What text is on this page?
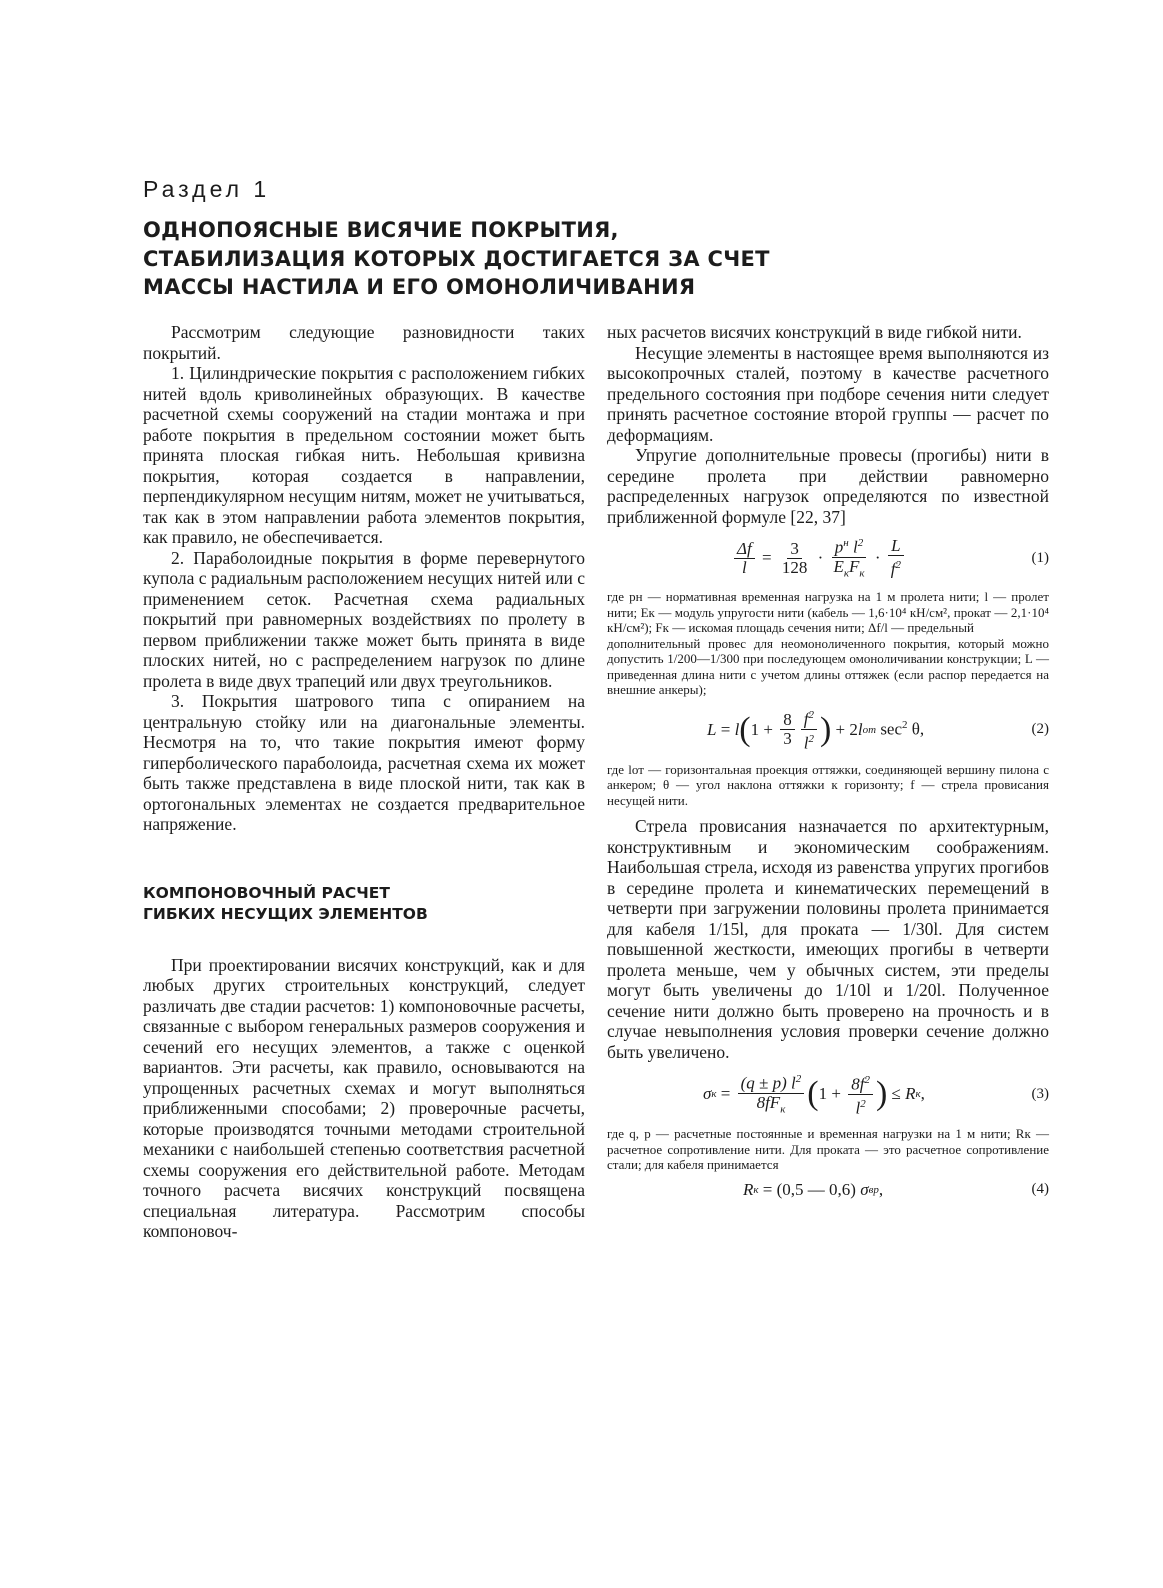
Раздел 1
ОДНОПОЯСНЫЕ ВИСЯЧИЕ ПОКРЫТИЯ,
СТАБИЛИЗАЦИЯ КОТОРЫХ ДОСТИГАЕТСЯ ЗА СЧЕТ
МАССЫ НАСТИЛА И ЕГО ОМОНОЛИЧИВАНИЯ

Рассмотрим следующие разновидности таких покрытий.

1. Цилиндрические покрытия с расположением гибких нитей вдоль криволинейных образующих. В качестве расчетной схемы сооружений на стадии монтажа и при работе покрытия в предельном состоянии может быть принята плоская гибкая нить. Небольшая кривизна покрытия, которая создается в направлении, перпендикулярном несущим нитям, может не учитываться, так как в этом направлении работа элементов покрытия, как правило, не обеспечивается.

2. Параболоидные покрытия в форме перевернутого купола с радиальным расположением несущих нитей или с применением сеток. Расчетная схема радиальных покрытий при равномерных воздействиях по пролету в первом приближении также может быть принята в виде плоских нитей, но с распределением нагрузок по длине пролета в виде двух трапеций или двух треугольников.

3. Покрытия шатрового типа с опиранием на центральную стойку или на диагональные элементы. Несмотря на то, что такие покрытия имеют форму гиперболического параболоида, расчетная схема их может быть также представлена в виде плоской нити, так как в ортогональных элементах не создается предварительное напряжение.

КОМПОНОВОЧНЫЙ РАСЧЕТ
ГИБКИХ НЕСУЩИХ ЭЛЕМЕНТОВ

При проектировании висячих конструкций, как и для любых других строительных конструкций, следует различать две стадии расчетов: 1) компоновочные расчеты, связанные с выбором генеральных размеров сооружения и сечений его несущих элементов, а также с оценкой вариантов. Эти расчеты, как правило, основываются на упрощенных расчетных схемах и могут выполняться приближенными способами; 2) проверочные расчеты, которые производятся точными методами строительной механики с наибольшей степенью соответствия расчетной схемы сооружения его действительной работе. Методам точного расчета висячих конструкций посвящена специальная литература. Рассмотрим способы компоновоч-

ных расчетов висячих конструкций в виде гибкой нити.

Несущие элементы в настоящее время выполняются из высокопрочных сталей, поэтому в качестве расчетного предельного состояния при подборе сечения нити следует принять расчетное состояние второй группы — расчет по деформациям.

Упругие дополнительные провесы (прогибы) нити в середине пролета при действии равномерно распределенных нагрузок определяются по известной приближенной формуле [22, 37]

$\frac{\Delta f}{l} = \frac{3}{128} \cdot \frac{p^н l^2}{E_кF_к} \cdot \frac{L}{f^2}$	(1)

где pн — нормативная временная нагрузка на 1 м пролета нити; l — пролет нити; Eк — модуль упругости нити (кабель — 1,6·10⁴ кН/см², прокат — 2,1·10⁴ кН/см²); Fк — искомая площадь сечения нити; Δf/l — предельный

дополнительный провес для неомоноличенного покрытия, который можно допустить 1/200—1/300 при последующем омоноличивании конструкции; L — приведенная длина нити с учетом длины оттяжек (если распор передается на внешние анкеры);

L = l ( $1 + \frac{8}{3} \frac{f^2}{l^2}$ ) + 2 l от $\sec^2 \theta$,	(2)

где lот — горизонтальная проекция оттяжки, соединяющей вершину пилона с анкером; θ — угол наклона оттяжки к горизонту; f — стрела провисания несущей нити.

Стрела провисания назначается по архитектурным, конструктивным и экономическим соображениям. Наибольшая стрела, исходя из равенства упругих прогибов в середине пролета и кинематических перемещений в четверти при загружении половины пролета принимается для кабеля 1/15l, для проката — 1/30l. Для систем повышенной жесткости, имеющих прогибы в четверти пролета меньше, чем у обычных систем, эти пределы могут быть увеличены до 1/10l и 1/20l. Полученное сечение нити должно быть проверено на прочность и в случае невыполнения условия проверки сечение должно быть увеличено.

σ $к = \frac{(q \pm p) l^2}{8fF_к}$ ( $1 + \frac{8f^2}{l^2}$ ) ≤ R к ,	(3)

где q, p — расчетные постоянные и временная нагрузки на 1 м нити; Rк — расчетное сопротивление нити. Для проката — это расчетное сопротивление стали; для кабеля принимается

R к = (0,5 — 0,6) σ вр ,	(4)
